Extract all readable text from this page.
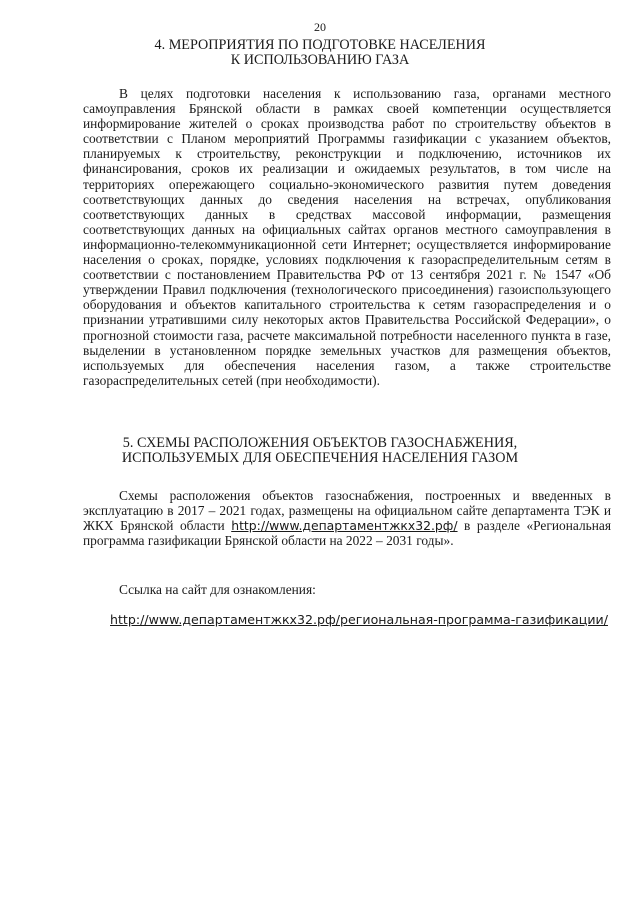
20
4. МЕРОПРИЯТИЯ ПО ПОДГОТОВКЕ НАСЕЛЕНИЯ
К ИСПОЛЬЗОВАНИЮ ГАЗА

В целях подготовки населения к использованию газа, органами местного самоуправления Брянской области в рамках своей компетенции осуществляется информирование жителей о сроках производства работ по строительству объектов в соответствии с Планом мероприятий Программы газификации с указанием объектов, планируемых к строительству, реконструкции и подключению, источников их финансирования, сроков их реализации и ожидаемых результатов, в том числе на территориях опережающего социально-экономического развития путем доведения соответствующих данных до сведения населения на встречах, опубликования соответствующих данных в средствах массовой информации, размещения соответствующих данных на официальных сайтах органов местного самоуправления в информационно-телекоммуникационной сети Интернет; осуществляется информирование населения о сроках, порядке, условиях подключения к газораспределительным сетям в соответствии с постановлением Правительства РФ от 13 сентября 2021 г. № 1547 «Об утверждении Правил подключения (технологического присоединения) газоиспользующего оборудования и объектов капитального строительства к сетям газораспределения и о признании утратившими силу некоторых актов Правительства Российской Федерации», о прогнозной стоимости газа, расчете максимальной потребности населенного пункта в газе, выделении в установленном порядке земельных участков для размещения объектов, используемых для обеспечения населения газом, а также строительстве газораспределительных сетей (при необходимости).

5. СХЕМЫ РАСПОЛОЖЕНИЯ ОБЪЕКТОВ ГАЗОСНАБЖЕНИЯ,
ИСПОЛЬЗУЕМЫХ ДЛЯ ОБЕСПЕЧЕНИЯ НАСЕЛЕНИЯ ГАЗОМ

Схемы расположения объектов газоснабжения, построенных и введенных в эксплуатацию в 2017 – 2021 годах, размещены на официальном сайте департамента ТЭК и ЖКХ Брянской области http://www.департаментжкх32.рф/ в разделе «Региональная программа газификации Брянской области на 2022 – 2031 годы».

Ссылка на сайт для ознакомления:

http://www.департаментжкх32.рф/региональная-программа-газификации/
